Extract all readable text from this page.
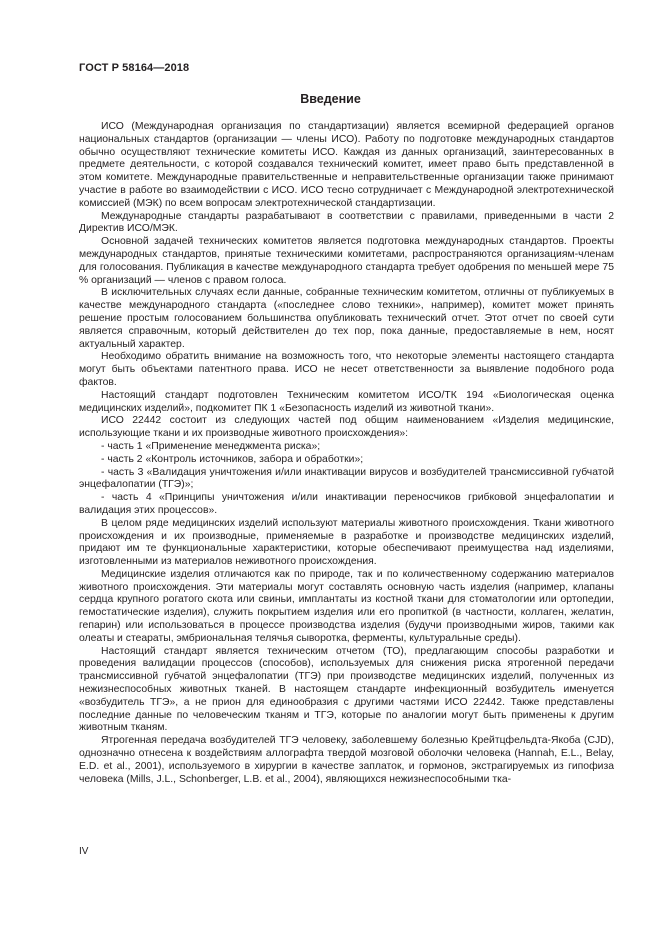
ГОСТ Р 58164—2018
Введение

ИСО (Международная организация по стандартизации) является всемирной федерацией органов национальных стандартов (организации — члены ИСО). Работу по подготовке международных стандартов обычно осуществляют технические комитеты ИСО. Каждая из данных организаций, заинтересованных в предмете деятельности, с которой создавался технический комитет, имеет право быть представленной в этом комитете. Международные правительственные и неправительственные организации также принимают участие в работе во взаимодействии с ИСО. ИСО тесно сотрудничает с Международной электротехнической комиссией (МЭК) по всем вопросам электротехнической стандартизации.

Международные стандарты разрабатывают в соответствии с правилами, приведенными в части 2 Директив ИСО/МЭК.

Основной задачей технических комитетов является подготовка международных стандартов. Проекты международных стандартов, принятые техническими комитетами, распространяются организациям-членам для голосования. Публикация в качестве международного стандарта требует одобрения по меньшей мере 75 % организаций — членов с правом голоса.

В исключительных случаях если данные, собранные техническим комитетом, отличны от публикуемых в качестве международного стандарта («последнее слово техники», например), комитет может принять решение простым голосованием большинства опубликовать технический отчет. Этот отчет по своей сути является справочным, который действителен до тех пор, пока данные, предоставляемые в нем, носят актуальный характер.

Необходимо обратить внимание на возможность того, что некоторые элементы настоящего стандарта могут быть объектами патентного права. ИСО не несет ответственности за выявление подобного рода фактов.

Настоящий стандарт подготовлен Техническим комитетом ИСО/ТК 194 «Биологическая оценка медицинских изделий», подкомитет ПК 1 «Безопасность изделий из животной ткани».

ИСО 22442 состоит из следующих частей под общим наименованием «Изделия медицинские, использующие ткани и их производные животного происхождения»:

- часть 1 «Применение менеджмента риска»;

- часть 2 «Контроль источников, забора и обработки»;

- часть 3 «Валидация уничтожения и/или инактивации вирусов и возбудителей трансмиссивной губчатой энцефалопатии (ТГЭ)»;

- часть 4 «Принципы уничтожения и/или инактивации переносчиков грибковой энцефалопатии и валидация этих процессов».

В целом ряде медицинских изделий используют материалы животного происхождения. Ткани животного происхождения и их производные, применяемые в разработке и производстве медицинских изделий, придают им те функциональные характеристики, которые обеспечивают преимущества над изделиями, изготовленными из материалов неживотного происхождения.

Медицинские изделия отличаются как по природе, так и по количественному содержанию материалов животного происхождения. Эти материалы могут составлять основную часть изделия (например, клапаны сердца крупного рогатого скота или свиньи, имплантаты из костной ткани для стоматологии или ортопедии, гемостатические изделия), служить покрытием изделия или его пропиткой (в частности, коллаген, желатин, гепарин) или использоваться в процессе производства изделия (будучи производными жиров, такими как олеаты и стеараты, эмбриональная телячья сыворотка, ферменты, культуральные среды).

Настоящий стандарт является техническим отчетом (ТО), предлагающим способы разработки и проведения валидации процессов (способов), используемых для снижения риска ятрогенной передачи трансмиссивной губчатой энцефалопатии (ТГЭ) при производстве медицинских изделий, полученных из нежизнеспособных животных тканей. В настоящем стандарте инфекционный возбудитель именуется «возбудитель ТГЭ», а не прион для единообразия с другими частями ИСО 22442. Также представлены последние данные по человеческим тканям и ТГЭ, которые по аналогии могут быть применены к другим животным тканям.

Ятрогенная передача возбудителей ТГЭ человеку, заболевшему болезнью Крейтцфельдта-Якоба (CJD), однозначно отнесена к воздействиям аллографта твердой мозговой оболочки человека (Hannah, E.L., Belay, E.D. et al., 2001), используемого в хирургии в качестве заплаток, и гормонов, экстрагируемых из гипофиза человека (Mills, J.L., Schonberger, L.B. et al., 2004), являющихся нежизнеспособными тка-

IV
